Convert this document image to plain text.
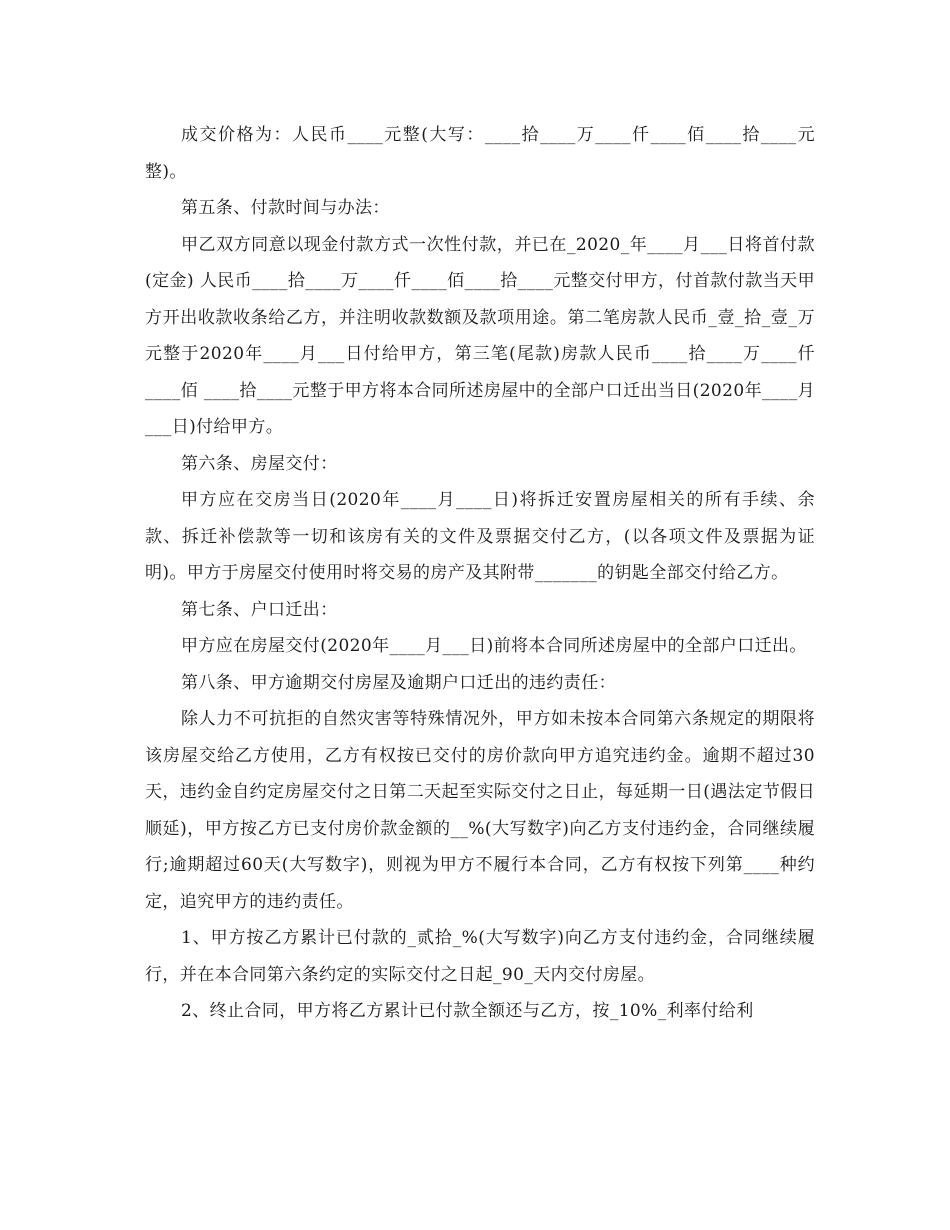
成交价格为：人民币____元整(大写：____拾____万____仟____佰____拾____元整)。

第五条、付款时间与办法：

甲乙双方同意以现金付款方式一次性付款，并已在_2020_年____月___日将首付款(定金) 人民币____拾____万____仟____佰____拾____元整交付甲方，付首款付款当天甲方开出收款收条给乙方，并注明收款数额及款项用途。第二笔房款人民币_壹_拾_壹_万元整于2020年____月___日付给甲方，第三笔(尾款)房款人民币____拾____万____仟____佰 ____拾____元整于甲方将本合同所述房屋中的全部户口迁出当日(2020年____月___日)付给甲方。

第六条、房屋交付：

甲方应在交房当日(2020年____月____日)将拆迁安置房屋相关的所有手续、余款、拆迁补偿款等一切和该房有关的文件及票据交付乙方，(以各项文件及票据为证明)。甲方于房屋交付使用时将交易的房产及其附带_______的钥匙全部交付给乙方。

第七条、户口迁出：

甲方应在房屋交付(2020年____月___日)前将本合同所述房屋中的全部户口迁出。

第八条、甲方逾期交付房屋及逾期户口迁出的违约责任：

除人力不可抗拒的自然灾害等特殊情况外，甲方如未按本合同第六条规定的期限将该房屋交给乙方使用，乙方有权按已交付的房价款向甲方追究违约金。逾期不超过30天，违约金自约定房屋交付之日第二天起至实际交付之日止，每延期一日(遇法定节假日顺延)，甲方按乙方已支付房价款金额的__%(大写数字)向乙方支付违约金，合同继续履行;逾期超过60天(大写数字)，则视为甲方不履行本合同，乙方有权按下列第____种约定，追究甲方的违约责任。

1、甲方按乙方累计已付款的_贰拾_%(大写数字)向乙方支付违约金，合同继续履行，并在本合同第六条约定的实际交付之日起_90_天内交付房屋。

2、终止合同，甲方将乙方累计已付款全额还与乙方，按_10%_利率付给利
